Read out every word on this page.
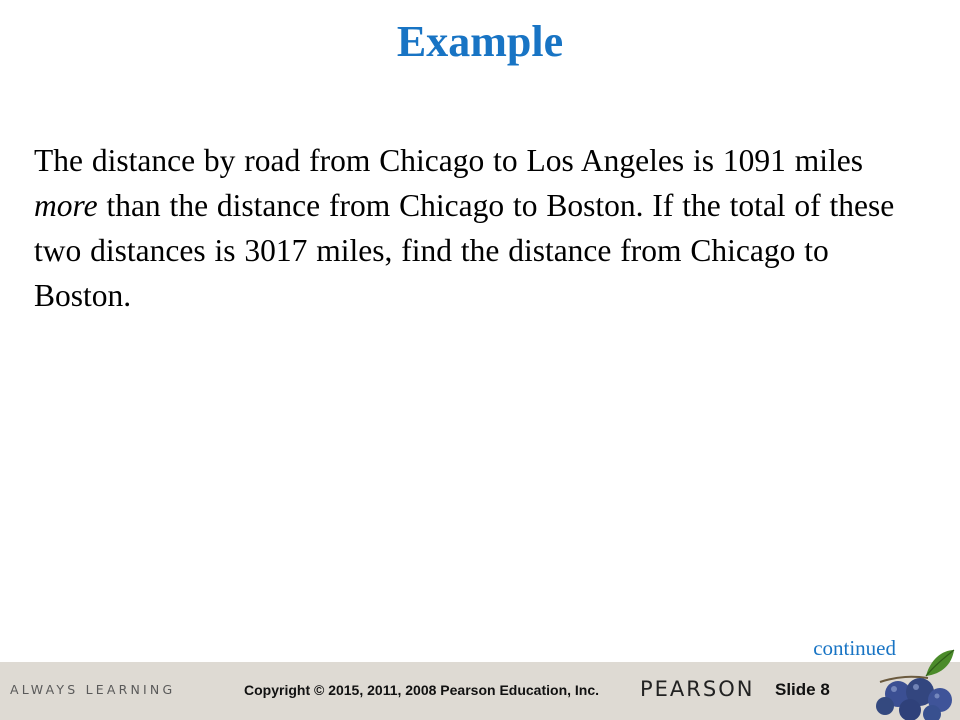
Example

The distance by road from Chicago to Los Angeles is 1091 miles more than the distance from Chicago to Boston. If the total of these two distances is 3017 miles, find the distance from Chicago to Boston.

continued
ALWAYS LEARNING	Copyright © 2015, 2011, 2008 Pearson Education, Inc. PEARSON Slide 8
